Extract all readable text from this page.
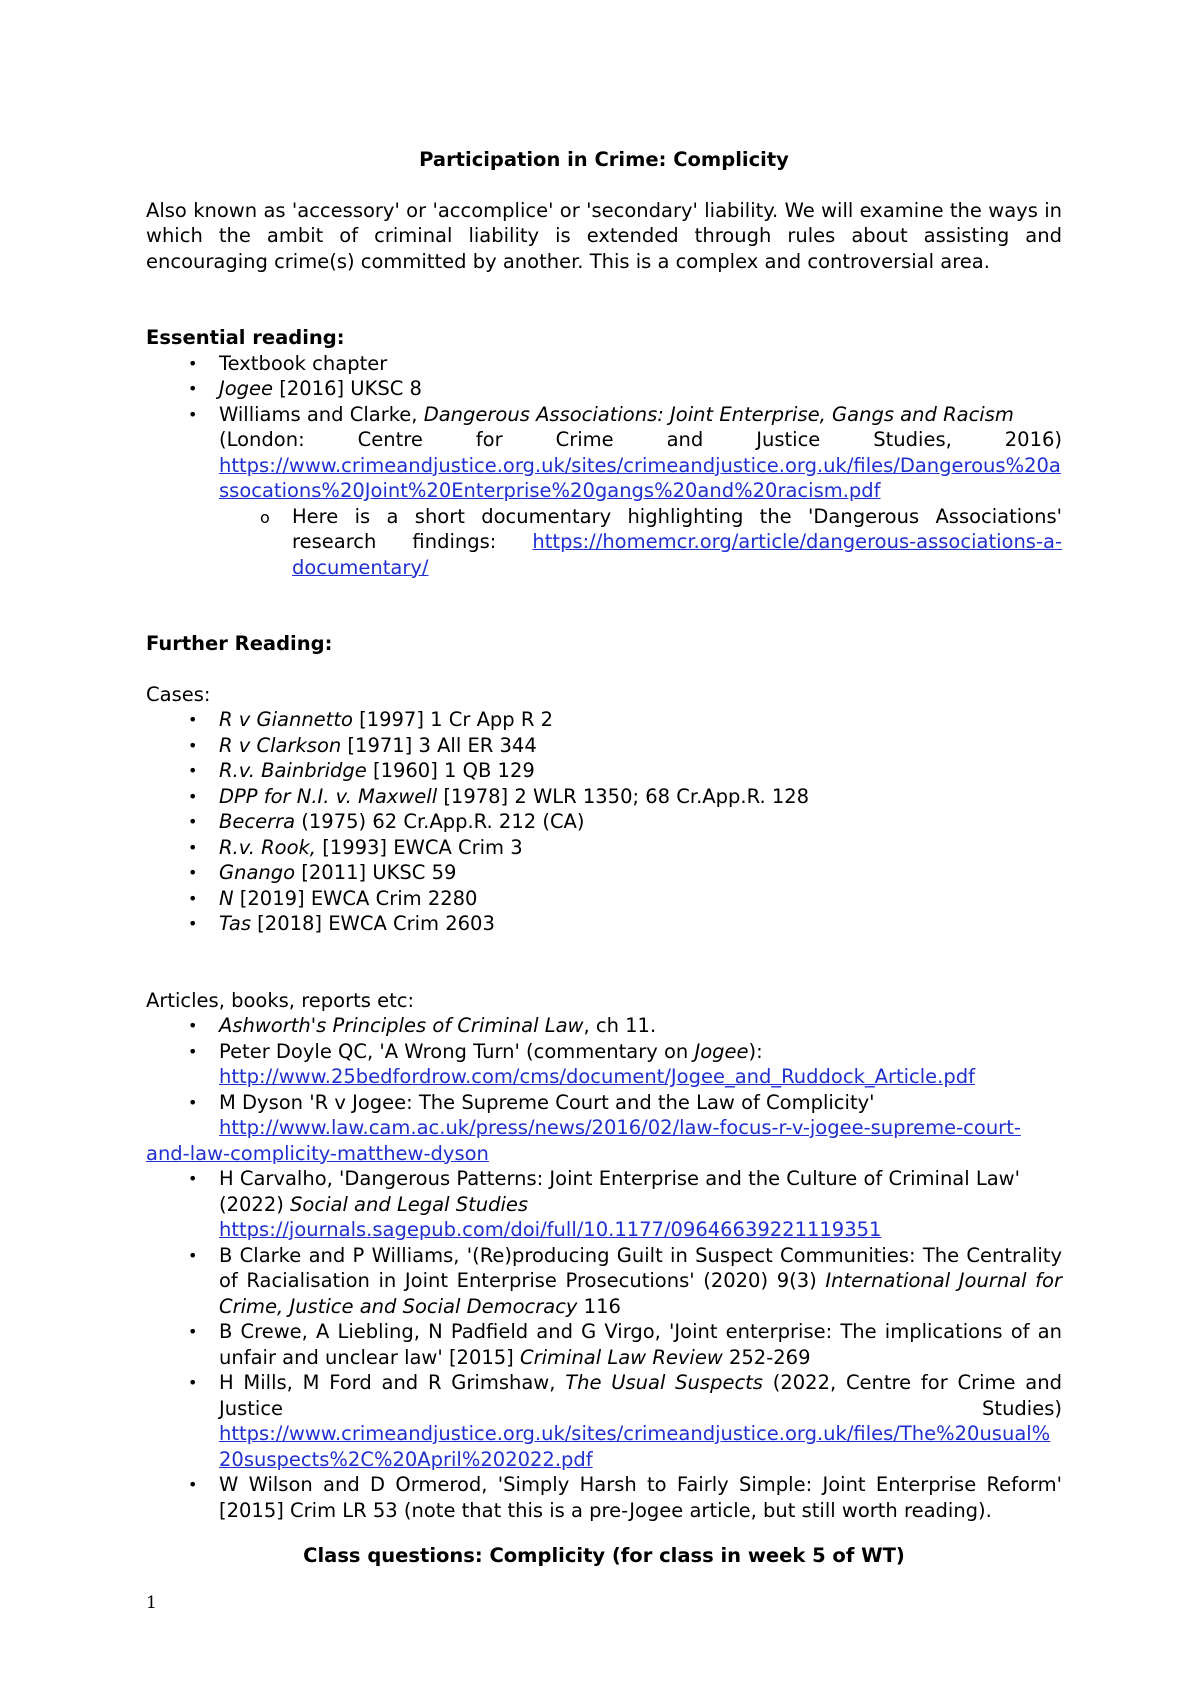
Participation in Crime: Complicity

Also known as 'accessory' or 'accomplice' or 'secondary' liability. We will examine the ways in which the ambit of criminal liability is extended through rules about assisting and encouraging crime(s) committed by another. This is a complex and controversial area.

Essential reading:

• Textbook chapter
• Jogee [2016] UKSC 8
• Williams and Clarke, Dangerous Associations: Joint Enterprise, Gangs and Racism
(London: Centre for Crime and Justice Studies, 2016)
https://www.crimeandjustice.org.uk/sites/crimeandjustice.org.uk/files/Dangerous%20assocations%20Joint%20Enterprise%20gangs%20and%20racism.pdf
o Here is a short documentary highlighting the 'Dangerous Associations' research findings: https://homemcr.org/article/dangerous-associations-a-documentary/

Further Reading:

Cases:

• R v Giannetto [1997] 1 Cr App R 2
• R v Clarkson [1971] 3 All ER 344
• R.v. Bainbridge [1960] 1 QB 129
• DPP for N.I. v. Maxwell [1978] 2 WLR 1350; 68 Cr.App.R. 128
• Becerra (1975) 62 Cr.App.R. 212 (CA)
• R.v. Rook, [1993] EWCA Crim 3
• Gnango [2011] UKSC 59
• N [2019] EWCA Crim 2280
• Tas [2018] EWCA Crim 2603

Articles, books, reports etc:

• Ashworth's Principles of Criminal Law, ch 11.
• Peter Doyle QC, 'A Wrong Turn' (commentary on Jogee):
http://www.25bedfordrow.com/cms/document/Jogee_and_Ruddock_Article.pdf
• M Dyson 'R v Jogee: The Supreme Court and the Law of Complicity'
http://www.law.cam.ac.uk/press/news/2016/02/law-focus-r-v-jogee-supreme-court-
and-law-complicity-matthew-dyson
• H Carvalho, 'Dangerous Patterns: Joint Enterprise and the Culture of Criminal Law' (2022) Social and Legal Studies
https://journals.sagepub.com/doi/full/10.1177/09646639221119351
• B Clarke and P Williams, '(Re)producing Guilt in Suspect Communities: The Centrality of Racialisation in Joint Enterprise Prosecutions' (2020) 9(3) International Journal for Crime, Justice and Social Democracy 116
• B Crewe, A Liebling, N Padfield and G Virgo, 'Joint enterprise: The implications of an unfair and unclear law' [2015] Criminal Law Review 252-269
• H Mills, M Ford and R Grimshaw, The Usual Suspects (2022, Centre for Crime and Justice Studies)
https://www.crimeandjustice.org.uk/sites/crimeandjustice.org.uk/files/The%20usual%20suspects%2C%20April%202022.pdf
• W Wilson and D Ormerod, 'Simply Harsh to Fairly Simple: Joint Enterprise Reform' [2015] Crim LR 53 (note that this is a pre-Jogee article, but still worth reading).

Class questions: Complicity (for class in week 5 of WT)

1
